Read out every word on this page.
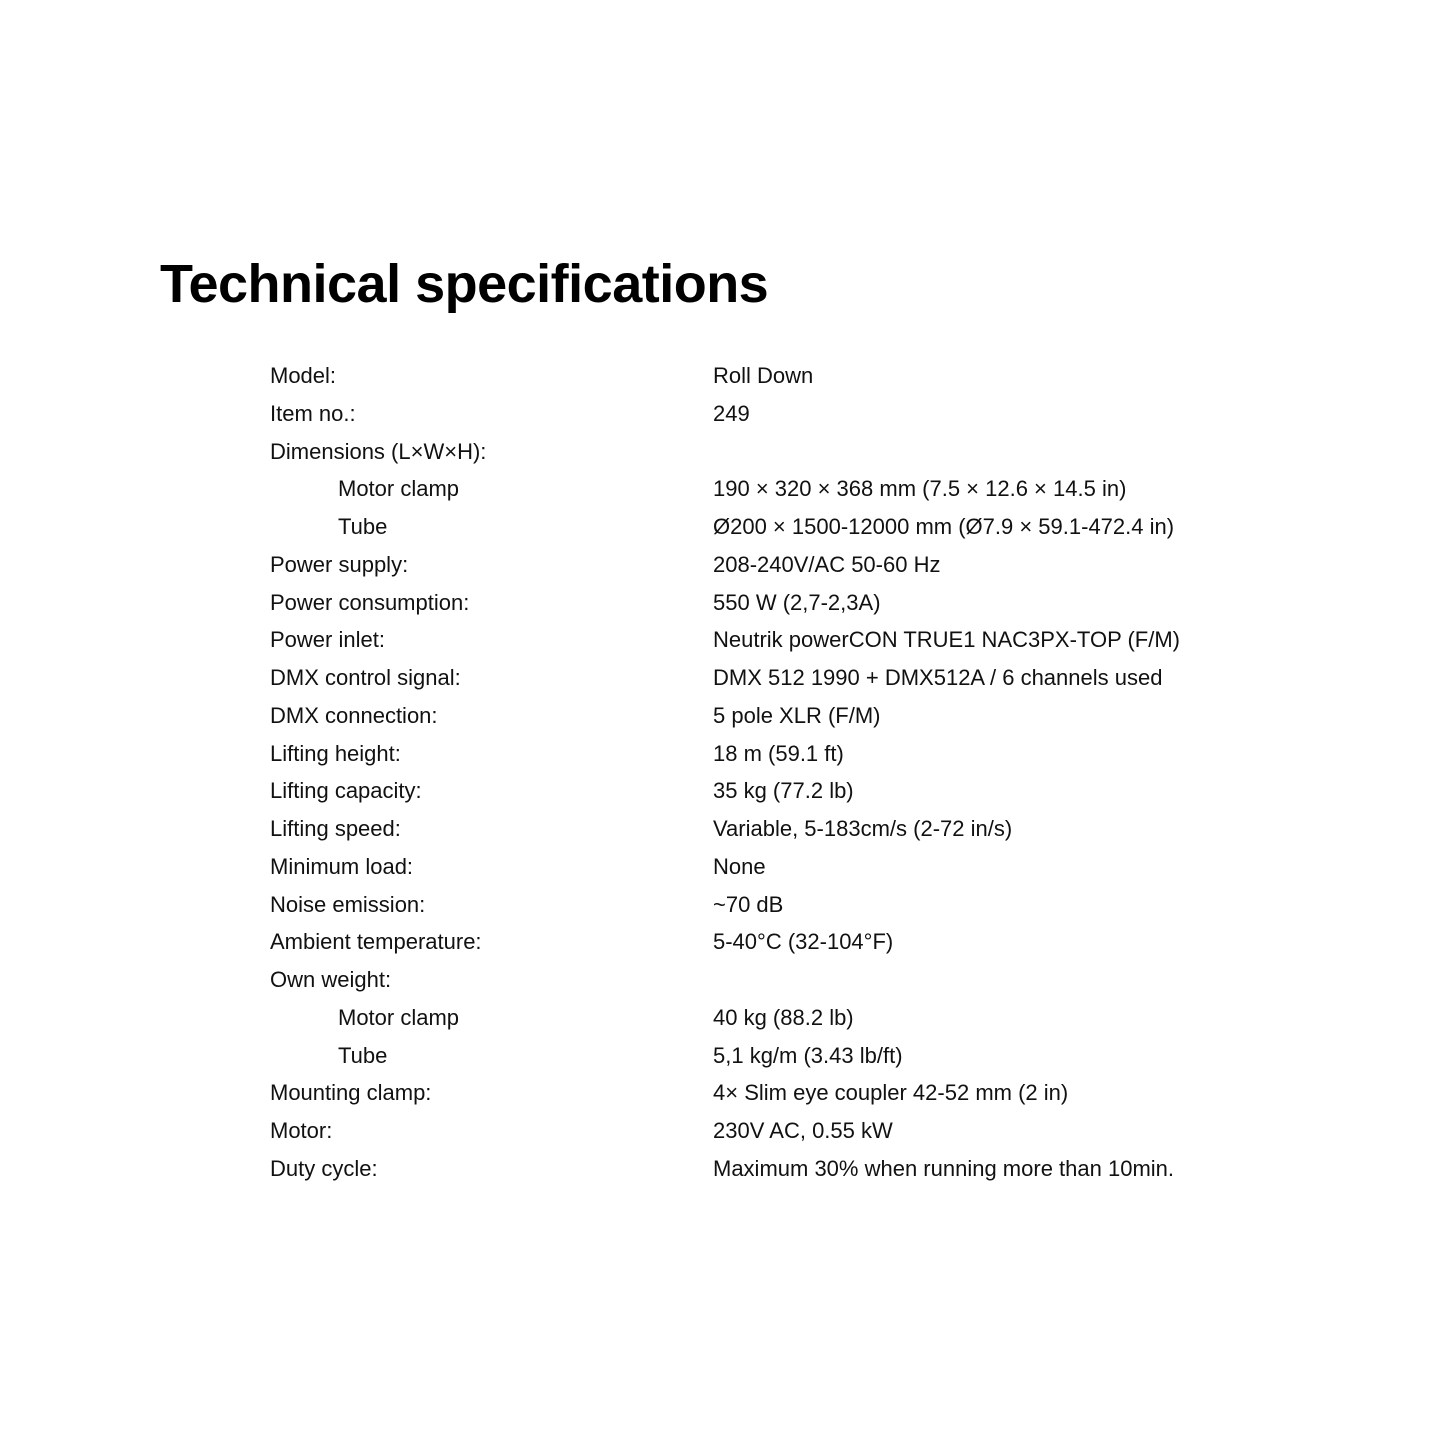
Technical specifications
Model:	Roll Down
Item no.:	249
Dimensions (L×W×H):
Motor clamp	190 × 320 × 368 mm (7.5 × 12.6 × 14.5 in)
Tube	Ø200 × 1500-12000 mm (Ø7.9 × 59.1-472.4 in)
Power supply:	208-240V/AC 50-60 Hz
Power consumption:	550 W (2,7-2,3A)
Power inlet:	Neutrik powerCON TRUE1 NAC3PX-TOP (F/M)
DMX control signal:	DMX 512 1990 + DMX512A / 6 channels used
DMX connection:	5 pole XLR (F/M)
Lifting height:	18 m (59.1 ft)
Lifting capacity:	35 kg (77.2 lb)
Lifting speed:	Variable, 5-183cm/s (2-72 in/s)
Minimum load:	None
Noise emission:	~70 dB
Ambient temperature:	5-40°C (32-104°F)
Own weight:
Motor clamp	40 kg (88.2 lb)
Tube	5,1 kg/m (3.43 lb/ft)
Mounting clamp:	4× Slim eye coupler 42-52 mm (2 in)
Motor:	230V AC, 0.55 kW
Duty cycle:	Maximum 30% when running more than 10min.
